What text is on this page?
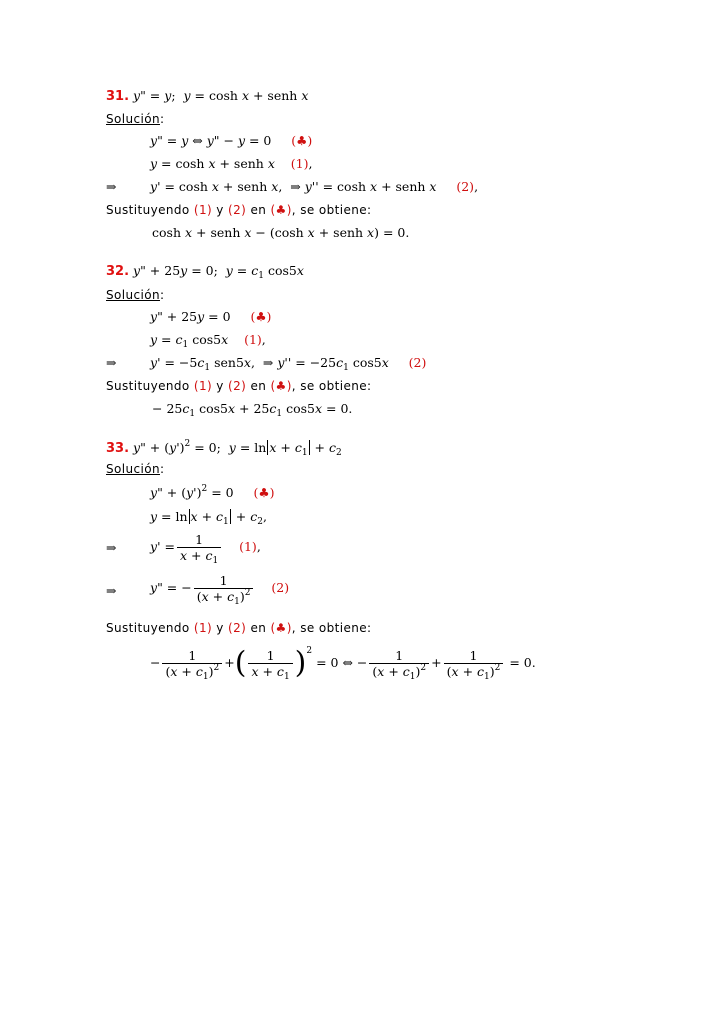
31. y" = y;  y = cosh x + senh x
Solución:
y" = y ⇔ y" − y = 0     (♣)
y = cosh x + senh x (1),
⇒	y' = cosh x + senh x,  ⇒ y'' = cosh x + senh x (2),
Sustituyendo (1) y (2) en (♣), se obtiene:
cosh x + senh x − (cosh x + senh x) = 0.
32. y" + 25y = 0;  $y = c_1$ cos5x
Solución:
y" + 25y = 0     (♣)
$y = c_1$ cos5x (1),
⇒	$y' = -5c_1$ sen5x,  ⇒ $y'' = -25c_1$ cos5x (2)
Sustituyendo (1) y (2) en (♣), se obtiene:
− $25c_1$ $\cos 5x + 25c_1$ cos5x = 0.
33. y" + $(y')^2 = 0$;  $y = \ln x + c_1 + c_2$
Solución:
y" + $(y')^2 = 0$     (♣)
$y = \ln x + c_1 + c_2$,
⇒	$y' = \frac{1}{x + c_1} (1)$,
⇒	y" = − $\frac{1}{(x + c_1)^2} (2)$
Sustituyendo (1) y (2) en (♣), se obtiene:
− $\frac{1}{(x + c_1)^2}$ +( $\frac{1}{x + c_1} )^2 = 0$ ⇔ − $\frac{1}{(x + c_1)^2} + \frac{1}{(x + c_1)^2} = 0$.
